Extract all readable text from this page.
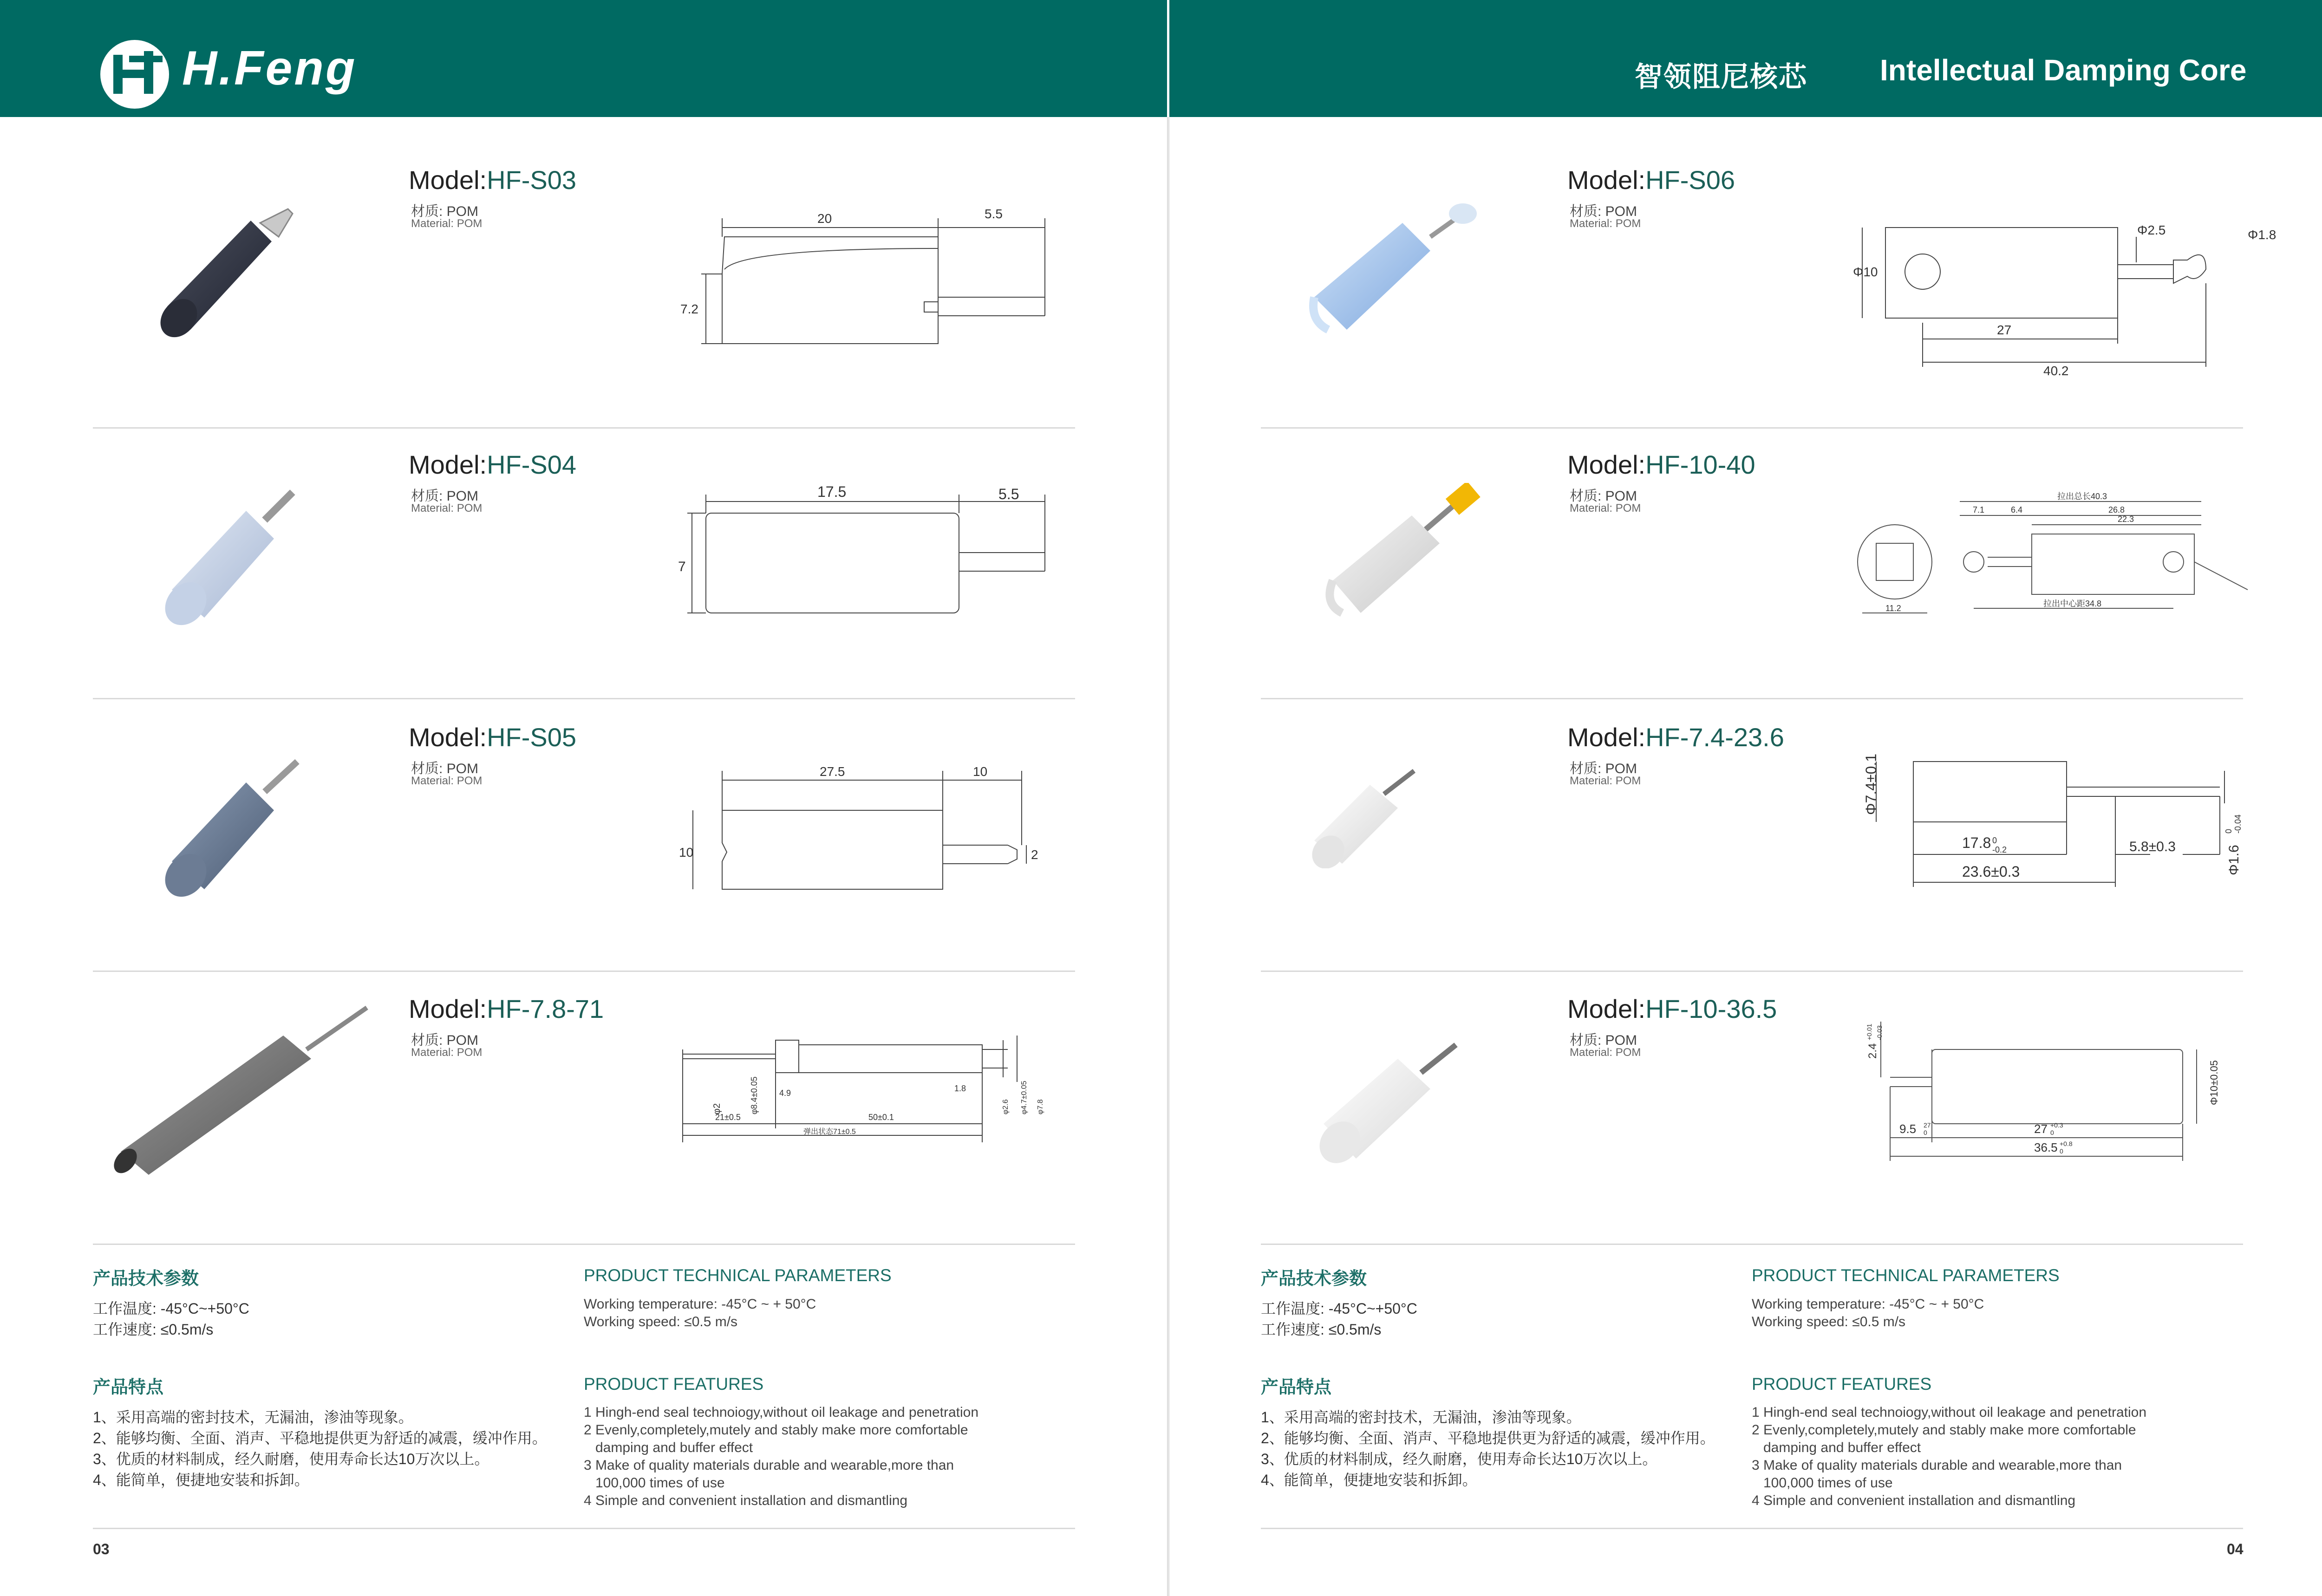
H.Feng	智领阻尼核芯 Intellectual Damping Core
Model:HF-S03
材质: POM
Material: POM	20	5.5
7.2
Model:HF-S04
材质: POM
Material: POM
17.5	5.5
7
Model:HF-S05
材质: POM
Material: POM
27.5	10
10	2
Model:HF-7.8-71
材质: POM
Material: POM
φ2	φ8.4±0.05 4.9	1.8
φ2.6 φ4.7±0.05 φ7.8
21±0.5	50±0.1
弹出状态71±0.5
产品技术参数	PRODUCT TECHNICAL PARAMETERS
工作温度: -45°C~+50°C
工作速度: ≤0.5m/s
Working temperature: -45°C ~ + 50°C
Working speed: ≤0.5 m/s
产品特点	PRODUCT FEATURES
1、采用高端的密封技术，无漏油，渗油等现象。
2、能够均衡、全面、消声、平稳地提供更为舒适的减震，缓冲作用。
3、优质的材料制成，经久耐磨，使用寿命长达10万次以上。
4、能简单，便捷地安装和拆卸。
1 Hingh-end seal technoiogy,without oil leakage and penetration
2 Evenly,completely,mutely and stably make more comfortable
damping and buffer effect
3 Make of quality materials durable and wearable,more than
100,000 times of use
4 Simple and convenient installation and dismantling
03
Model:HF-S06
材质: POM
Material: POM
Φ10
Φ2.5	Φ1.8
27
40.2
Model:HF-10-40
材质: POM
Material: POM
拉出总长40.3
7.1	6.4	26.8
22.3
拉出中心距34.8
11.2
Model:HF-7.4-23.6
材质: POM
Material: POM	Φ7.4±0.1
17.8 0
-0.2	5.8±0.3
23.6±0.3	Φ1.6
0 -0.04
Model:HF-10-36.5
材质: POM
Material: POM	2.4
+0.01 -0.03
Φ10±0.05
9.5 27
0	27 +0.3
0
36.5 +0.8
0
产品技术参数	PRODUCT TECHNICAL PARAMETERS
工作温度: -45°C~+50°C
工作速度: ≤0.5m/s
Working temperature: -45°C ~ + 50°C
Working speed: ≤0.5 m/s
产品特点	PRODUCT FEATURES
1、采用高端的密封技术，无漏油，渗油等现象。
2、能够均衡、全面、消声、平稳地提供更为舒适的减震，缓冲作用。
3、优质的材料制成，经久耐磨，使用寿命长达10万次以上。
4、能简单，便捷地安装和拆卸。
1 Hingh-end seal technoiogy,without oil leakage and penetration
2 Evenly,completely,mutely and stably make more comfortable
damping and buffer effect
3 Make of quality materials durable and wearable,more than
100,000 times of use
4 Simple and convenient installation and dismantling
04
